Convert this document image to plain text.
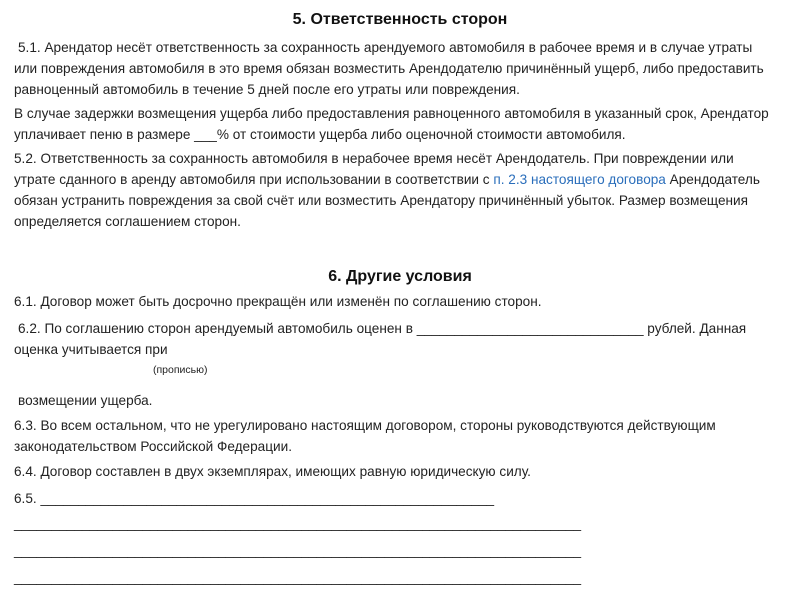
5. Ответственность сторон
5.1. Арендатор несёт ответственность за сохранность арендуемого автомобиля в рабочее время и в случае утраты
или повреждения автомобиля в это время обязан возместить Арендодателю причинённый ущерб, либо предоставить
равноценный автомобиль в течение 5 дней после его утраты или повреждения.
В случае задержки возмещения ущерба либо предоставления равноценного автомобиля в указанный срок, Арендатор
уплачивает пеню в размере ___% от стоимости ущерба либо оценочной стоимости автомобиля.
5.2. Ответственность за сохранность автомобиля в нерабочее время несёт Арендодатель. При повреждении или
утрате сданного в аренду автомобиля при использовании в соответствии с п. 2.3 настоящего договора Арендодатель
обязан устранить повреждения за свой счёт или возместить Арендатору причинённый убыток. Размер возмещения
определяется соглашением сторон.
6. Другие условия
6.1. Договор может быть досрочно прекращён или изменён по соглашению сторон.
6.2. По соглашению сторон арендуемый автомобиль оценен в ______________________________ рублей. Данная
оценка учитывается при
(прописью)
возмещении ущерба.
6.3. Во всем остальном, что не урегулировано настоящим договором, стороны руководствуются действующим
законодательством Российской Федерации.
6.4. Договор составлен в двух экземплярах, имеющих равную юридическую силу.
6.5. ____________________________________________________________
___________________________________________________________________________
___________________________________________________________________________
___________________________________________________________________________
